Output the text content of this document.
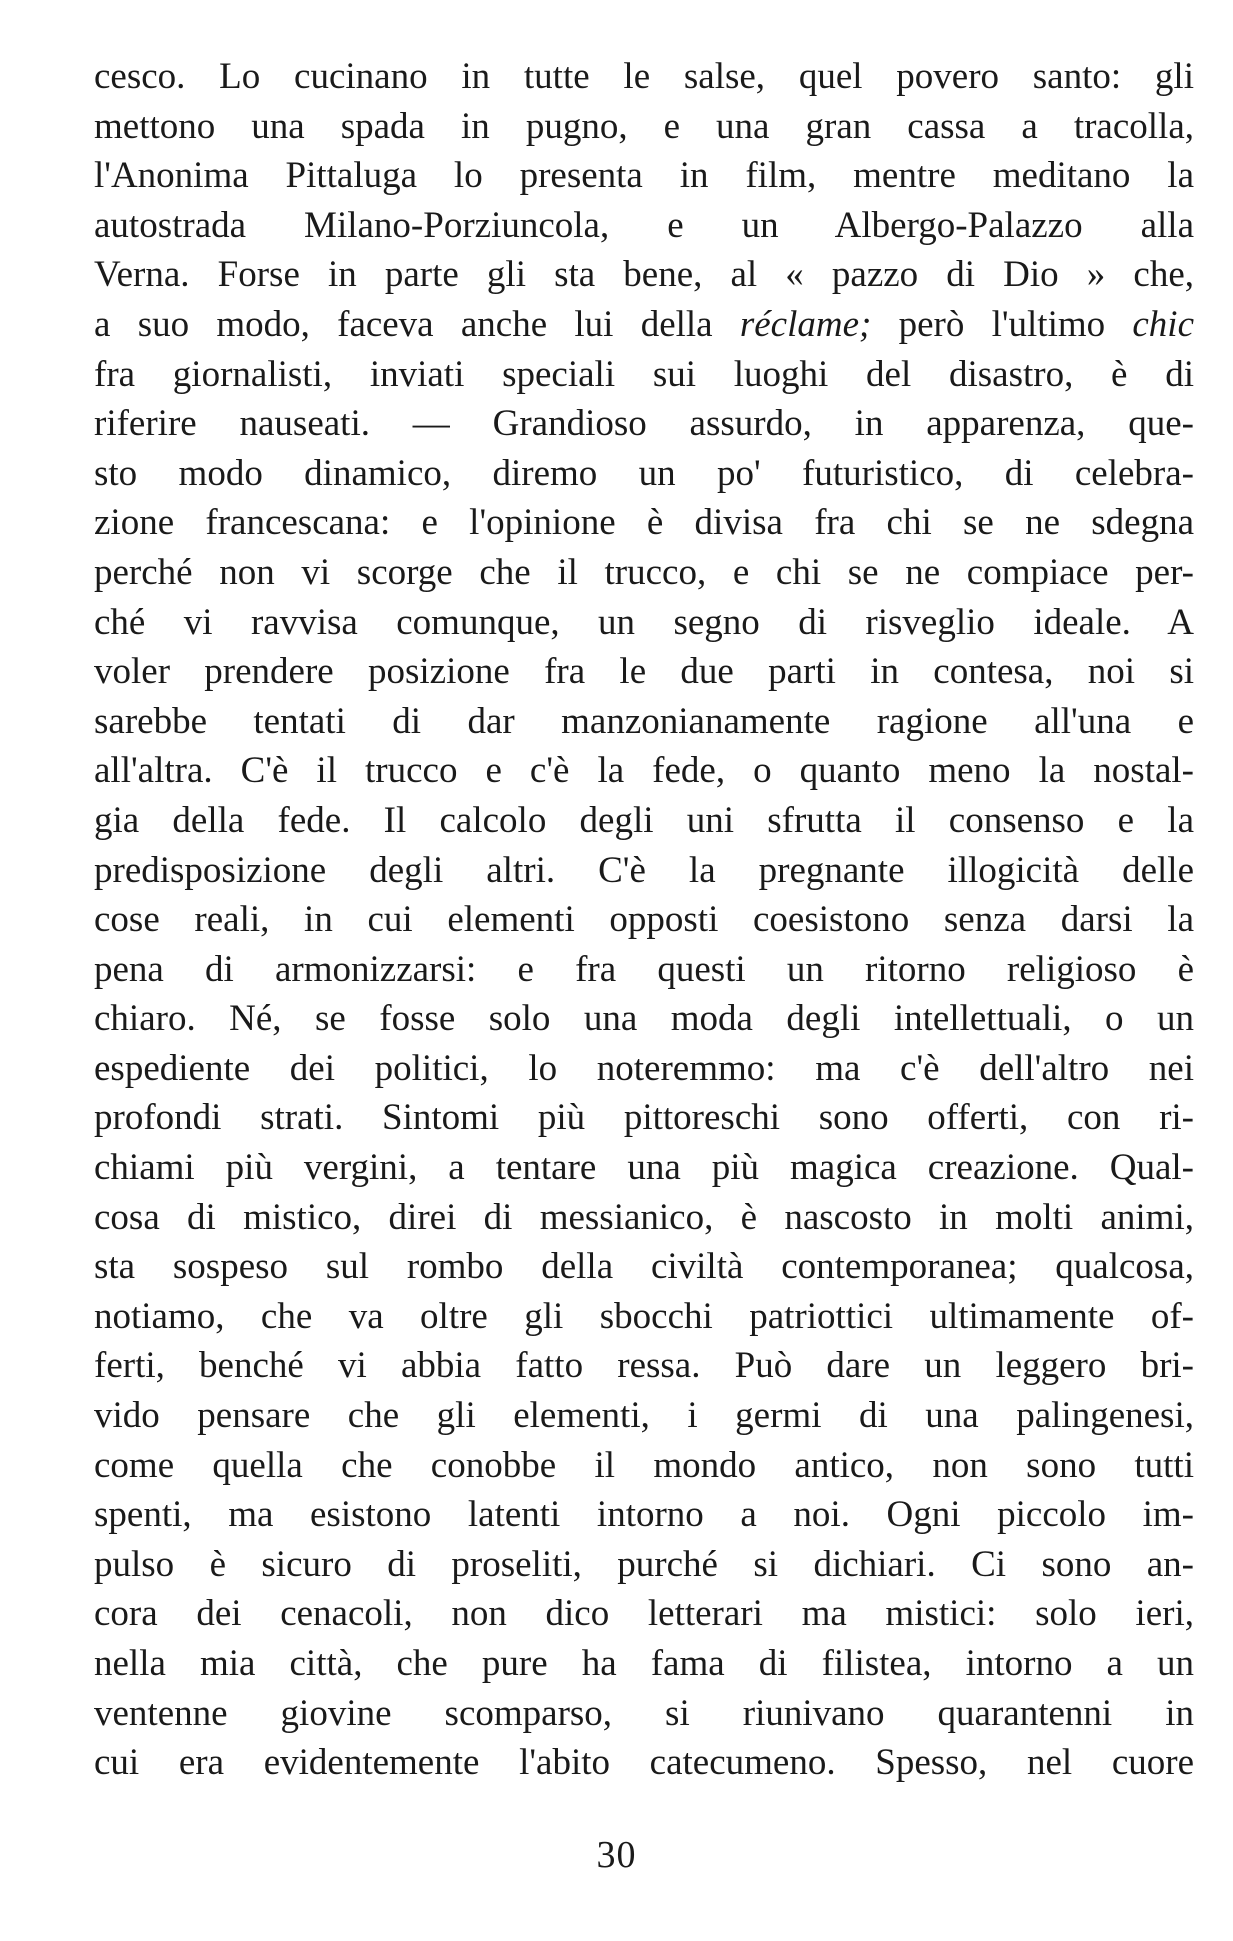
cesco. Lo cucinano in tutte le salse, quel povero santo: gli
mettono una spada in pugno, e una gran cassa a tracolla,
l'Anonima Pittaluga lo presenta in film, mentre meditano la
autostrada Milano-Porziuncola, e un Albergo-Palazzo alla
Verna. Forse in parte gli sta bene, al « pazzo di Dio » che,
a suo modo, faceva anche lui della réclame; però l'ultimo chic
fra giornalisti, inviati speciali sui luoghi del disastro, è di
riferire nauseati. — Grandioso assurdo, in apparenza, que-
sto modo dinamico, diremo un po' futuristico, di celebra-
zione francescana: e l'opinione è divisa fra chi se ne sdegna
perché non vi scorge che il trucco, e chi se ne compiace per-
ché vi ravvisa comunque, un segno di risveglio ideale. A
voler prendere posizione fra le due parti in contesa, noi si
sarebbe tentati di dar manzonianamente ragione all'una e
all'altra. C'è il trucco e c'è la fede, o quanto meno la nostal-
gia della fede. Il calcolo degli uni sfrutta il consenso e la
predisposizione degli altri. C'è la pregnante illogicità delle
cose reali, in cui elementi opposti coesistono senza darsi la
pena di armonizzarsi: e fra questi un ritorno religioso è
chiaro. Né, se fosse solo una moda degli intellettuali, o un
espediente dei politici, lo noteremmo: ma c'è dell'altro nei
profondi strati. Sintomi più pittoreschi sono offerti, con ri-
chiami più vergini, a tentare una più magica creazione. Qual-
cosa di mistico, direi di messianico, è nascosto in molti animi,
sta sospeso sul rombo della civiltà contemporanea; qualcosa,
notiamo, che va oltre gli sbocchi patriottici ultimamente of-
ferti, benché vi abbia fatto ressa. Può dare un leggero bri-
vido pensare che gli elementi, i germi di una palingenesi,
come quella che conobbe il mondo antico, non sono tutti
spenti, ma esistono latenti intorno a noi. Ogni piccolo im-
pulso è sicuro di proseliti, purché si dichiari. Ci sono an-
cora dei cenacoli, non dico letterari ma mistici: solo ieri,
nella mia città, che pure ha fama di filistea, intorno a un
ventenne giovine scomparso, si riunivano quarantenni in
cui era evidentemente l'abito catecumeno. Spesso, nel cuore
30
